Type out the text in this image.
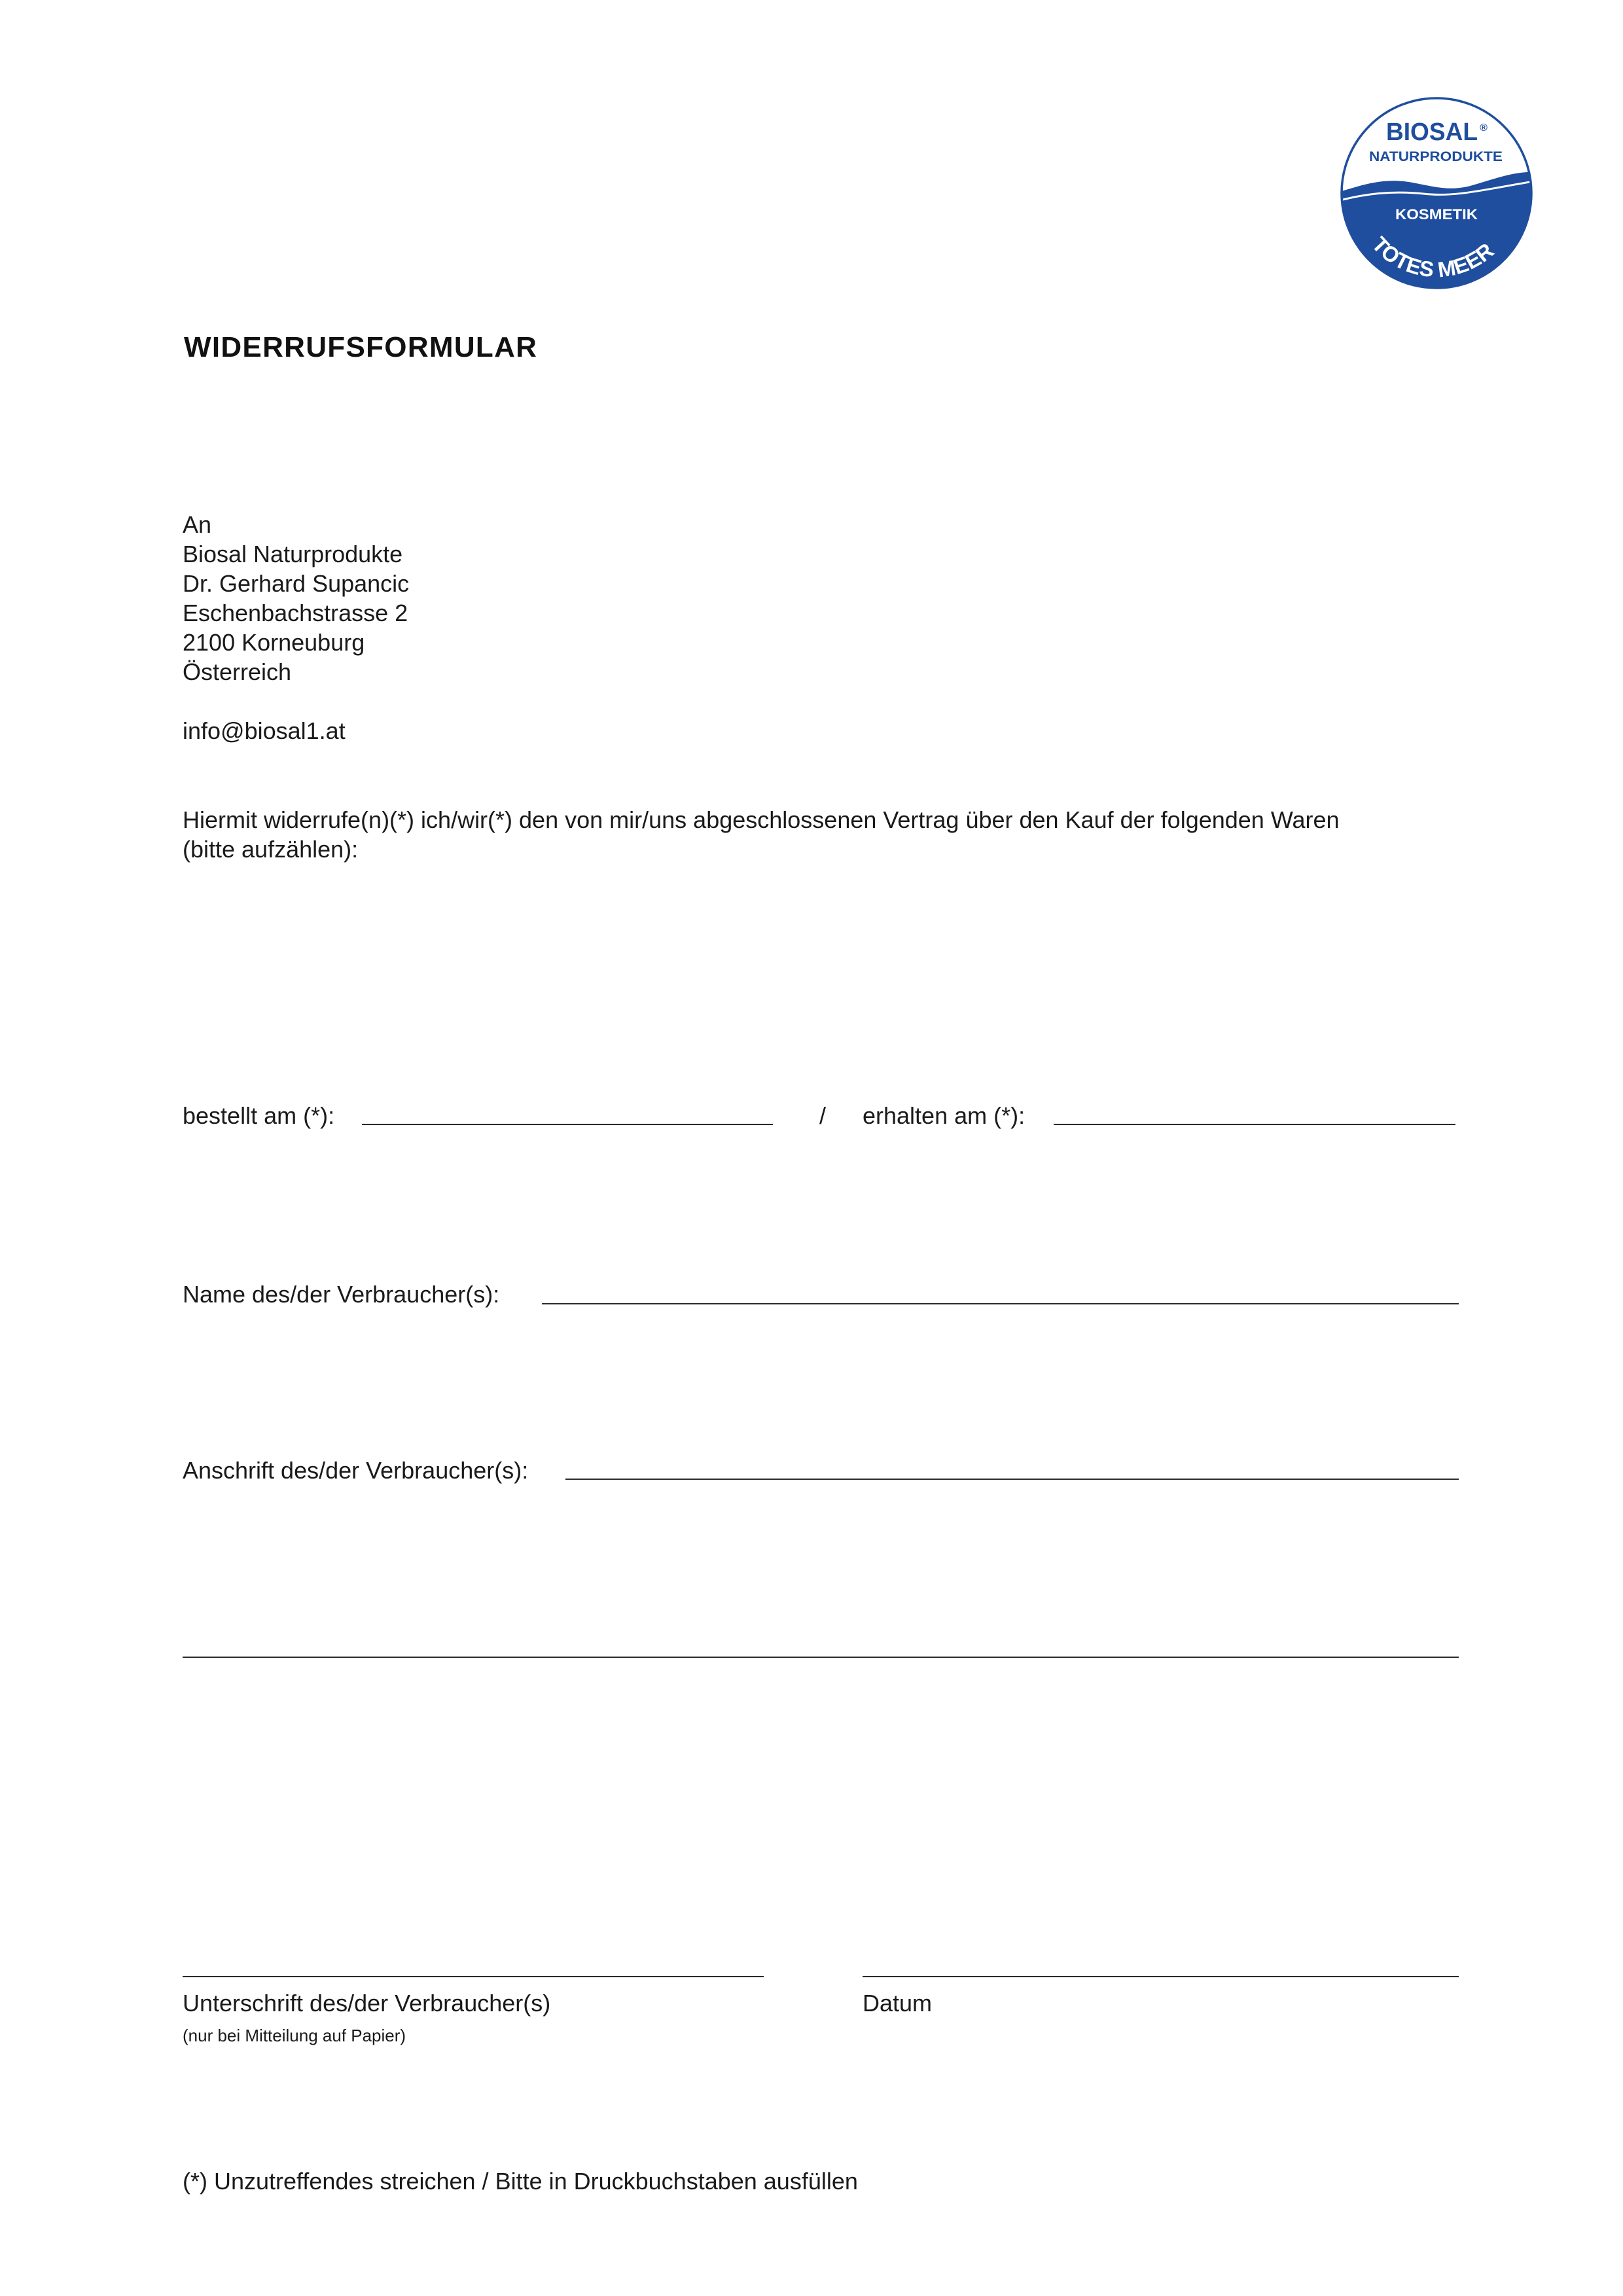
BIOSAL ®
NATURPRODUKTE
KOSMETIK
TOTES MEER
WIDERRUFSFORMULAR
An
Biosal Naturprodukte
Dr. Gerhard Supancic
Eschenbachstrasse 2
2100 Korneuburg
Österreich
info@biosal1.at
Hiermit widerrufe(n)(*) ich/wir(*) den von mir/uns abgeschlossenen Vertrag über den Kauf der folgenden Waren
(bitte aufzählen):
bestellt am (*):	/ erhalten am (*):
Name des/der Verbraucher(s):
Anschrift des/der Verbraucher(s):
Unterschrift des/der Verbraucher(s)
(nur bei Mitteilung auf Papier)
Datum
(*) Unzutreffendes streichen / Bitte in Druckbuchstaben ausfüllen
